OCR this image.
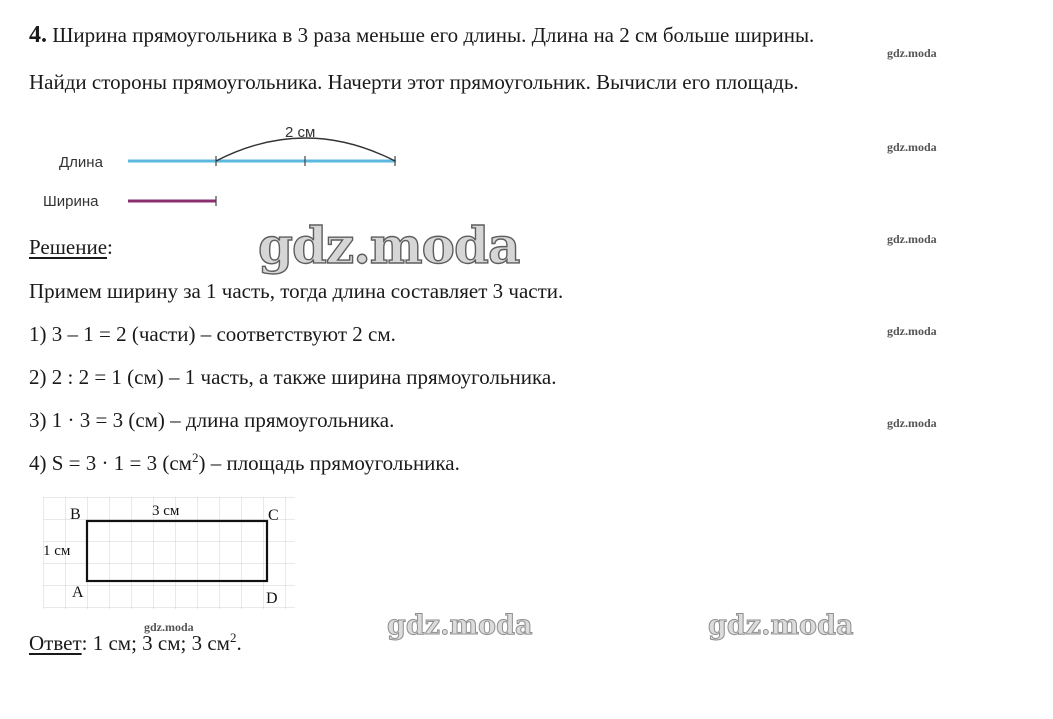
4. Ширина прямоугольника в 3 раза меньше его длины. Длина на 2 см больше ширины.
Найди стороны прямоугольника. Начерти этот прямоугольник. Вычисли его площадь.
Длина
Ширина
2 см
Решение:
Примем ширину за 1 часть, тогда длина составляет 3 части.
1) 3 – 1 = 2 (части) – соответствуют 2 см.
2) 2 : 2 = 1 (см) – 1 часть, а также ширина прямоугольника.
3) 1 · 3 = 3 (см) – длина прямоугольника.
4) S = 3 · 1 = 3 $(см^2)$ – площадь прямоугольника.
B	C
A	D
3 см
1 см
Ответ: 1 см; 3 см; 3 $см^2$.
gdz.moda
gdz.moda
gdz.moda
gdz.moda
gdz.moda
gdz.moda
gdz.moda
gdz.moda	gdz.moda
